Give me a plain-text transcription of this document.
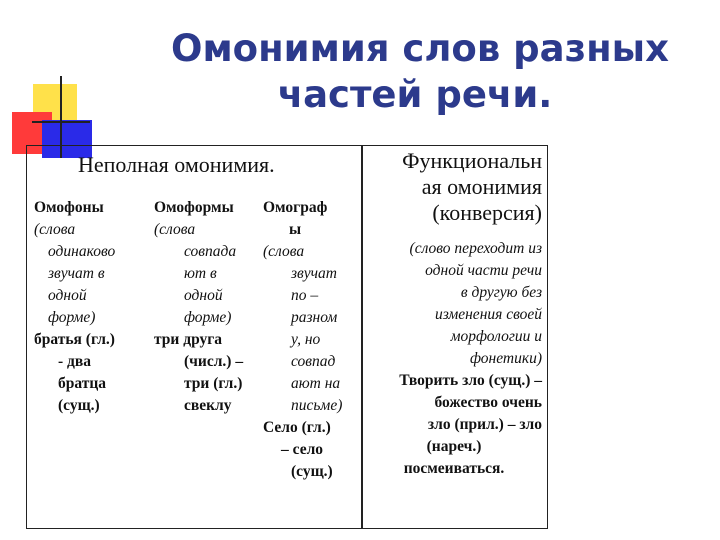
Омонимия слов разных
частей речи.
Неполная омонимия.	Функциональн
ая омонимия
(конверсия)
Омофоны
(слова
одинаково
звучат в
одной
форме)
братья (гл.)
- два
братца
(сущ.)
Омоформы
(слова
совпада
ют в
одной
форме)
три друга
(числ.) –
три (гл.)
свеклу
Омограф
ы
(слова
звучат
по –
разном
у, но
совпад
ают на
письме)
Село (гл.)
– село
(сущ.)
(слово переходит из
одной части речи
в другую без
изменения своей
морфологии и
фонетики)
Творить зло (сущ.) –
божество очень
зло (прил.) – зло
(нареч.)
посмеиваться.
